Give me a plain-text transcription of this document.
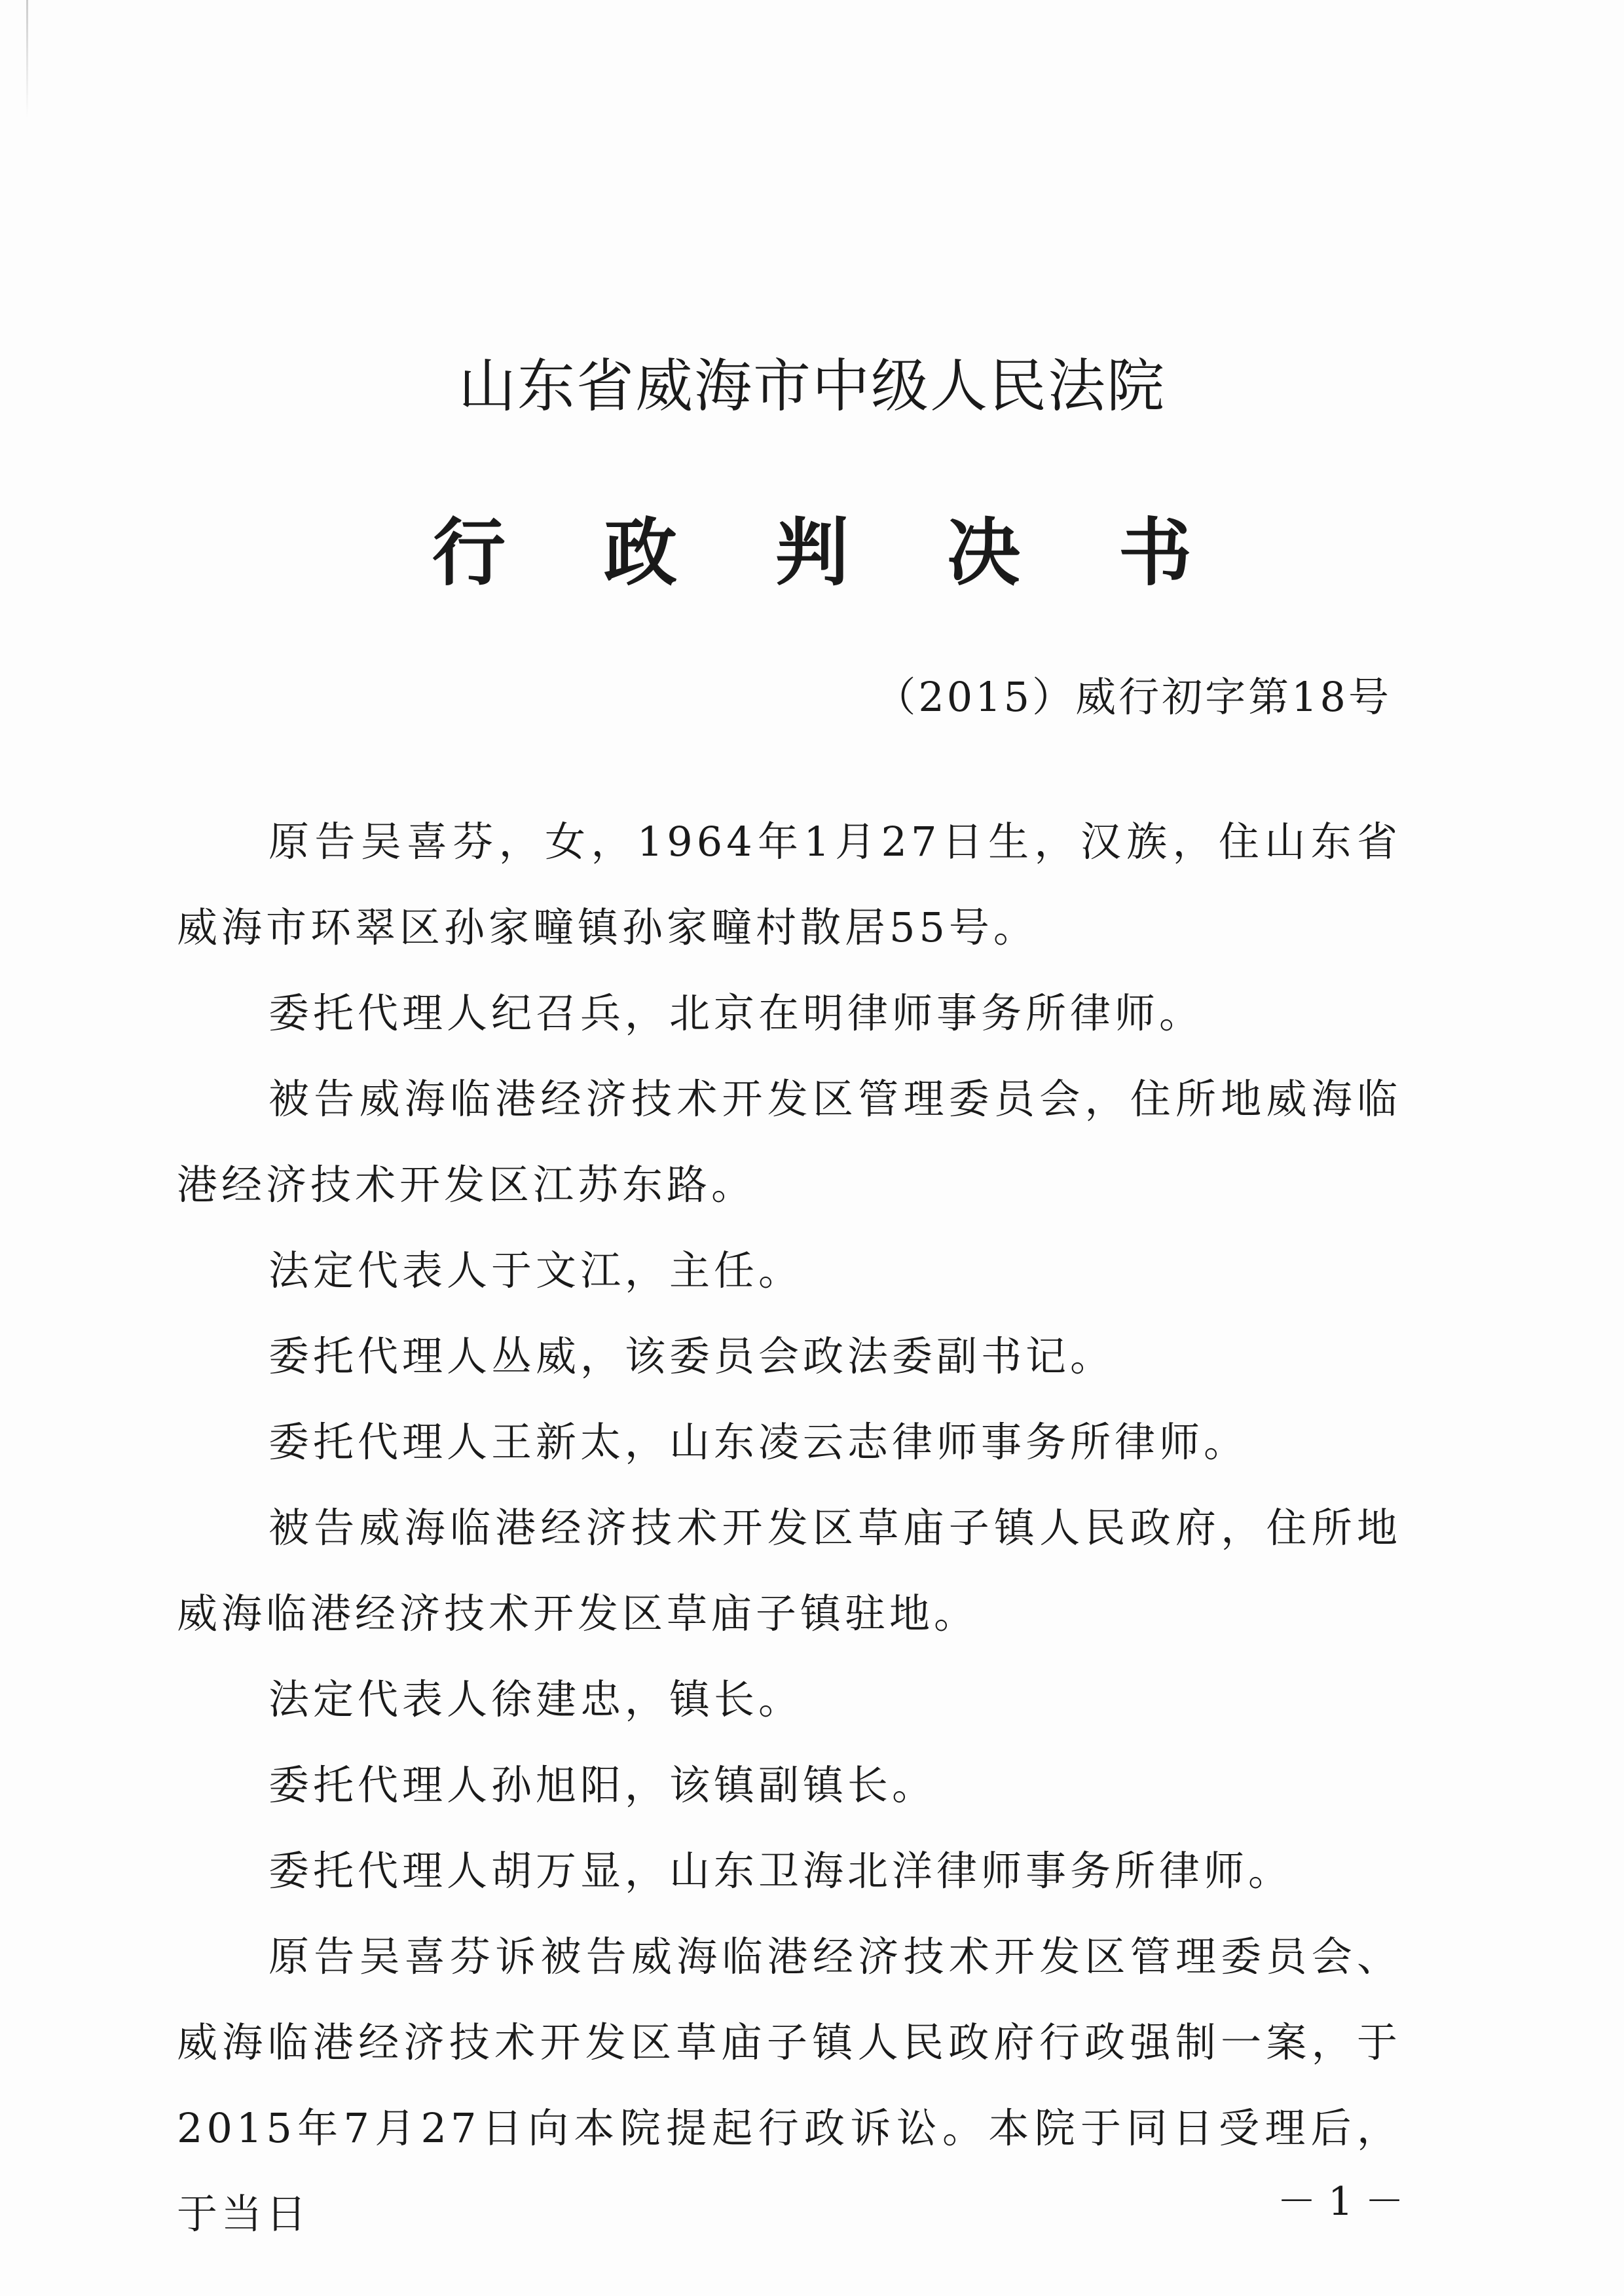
山东省威海市中级人民法院
行政判决书
（2015）威行初字第18号

原告吴喜芬，女，1964年1月27日生，汉族，住山东省威海市环翠区孙家疃镇孙家疃村散居55号。

委托代理人纪召兵，北京在明律师事务所律师。

被告威海临港经济技术开发区管理委员会，住所地威海临港经济技术开发区江苏东路。

法定代表人于文江，主任。

委托代理人丛威，该委员会政法委副书记。

委托代理人王新太，山东凌云志律师事务所律师。

被告威海临港经济技术开发区草庙子镇人民政府，住所地威海临港经济技术开发区草庙子镇驻地。

法定代表人徐建忠，镇长。

委托代理人孙旭阳，该镇副镇长。

委托代理人胡万显，山东卫海北洋律师事务所律师。

原告吴喜芬诉被告威海临港经济技术开发区管理委员会、威海临港经济技术开发区草庙子镇人民政府行政强制一案，于2015年7月27日向本院提起行政诉讼。本院于同日受理后，于当日	－1－
